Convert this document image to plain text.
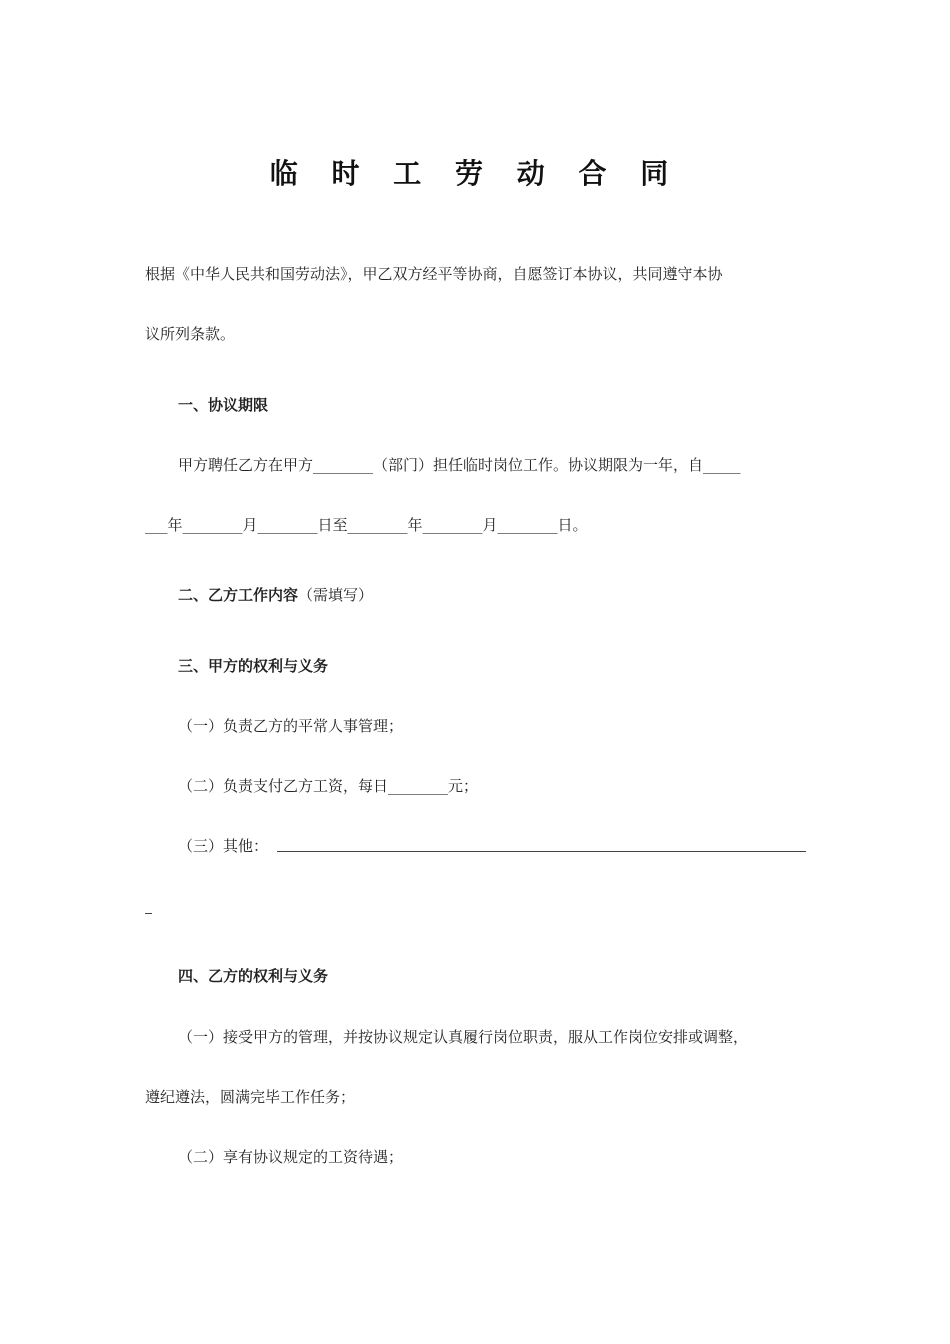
临 时 工 劳 动 合 同
根据《中华人民共和国劳动法》，甲乙双方经平等协商，自愿签订本协议，共同遵守本协
议所列条款。
一、协议期限
甲方聘任乙方在甲方________（部门）担任临时岗位工作。协议期限为一年，自_____
___年________月________日至________年________月________日。
二、乙方工作内容（需填写）
三、甲方的权利与义务
（一）负责乙方的平常人事管理；
（二）负责支付乙方工资，每日________元；
（三）其他：
四、乙方的权利与义务
（一）接受甲方的管理，并按协议规定认真履行岗位职责，服从工作岗位安排或调整，
遵纪遵法，圆满完毕工作任务；
（二）享有协议规定的工资待遇；
